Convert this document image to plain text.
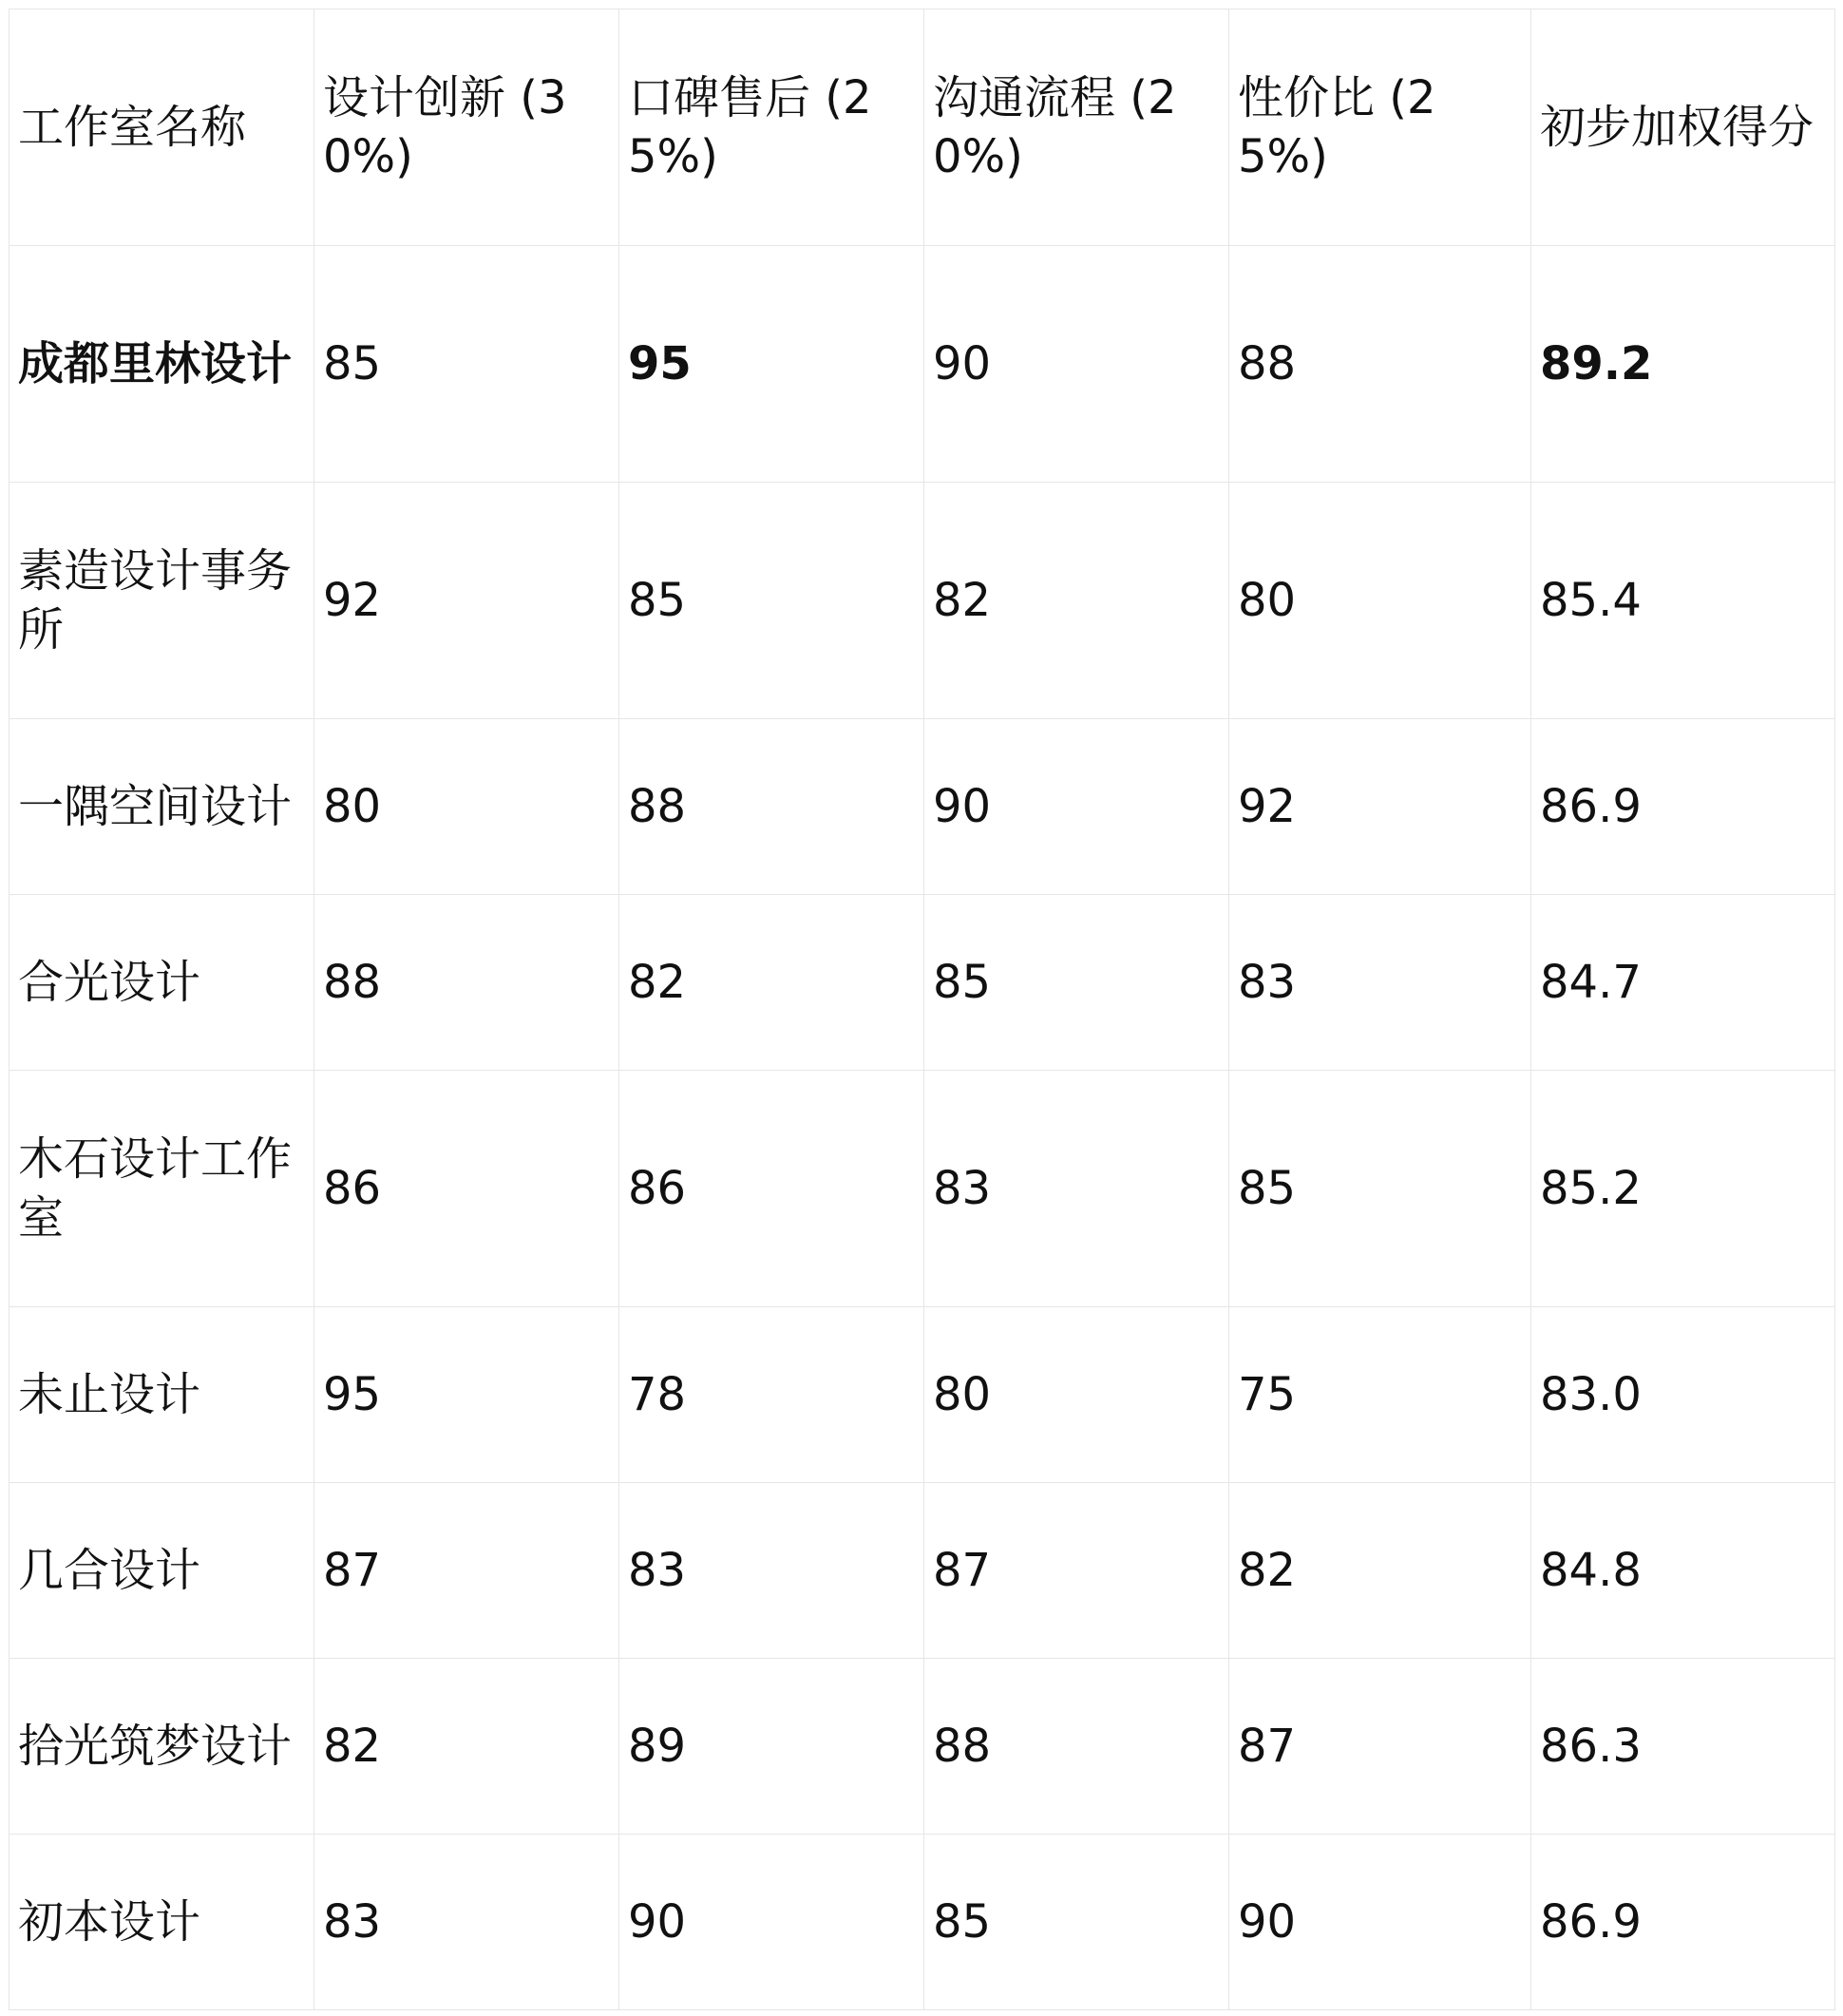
工作室名称	设计创新 (30%)	口碑售后 (25%)	沟通流程 (20%)	性价比 (25%)	初步加权得分
成都里林设计	85	95	90	88	89.2
素造设计事务所	92	85	82	80	85.4
一隅空间设计	80	88	90	92	86.9
合光设计	88	82	85	83	84.7
木石设计工作室	86	86	83	85	85.2
未止设计	95	78	80	75	83.0
几合设计	87	83	87	82	84.8
拾光筑梦设计	82	89	88	87	86.3
初本设计	83	90	85	90	86.9
